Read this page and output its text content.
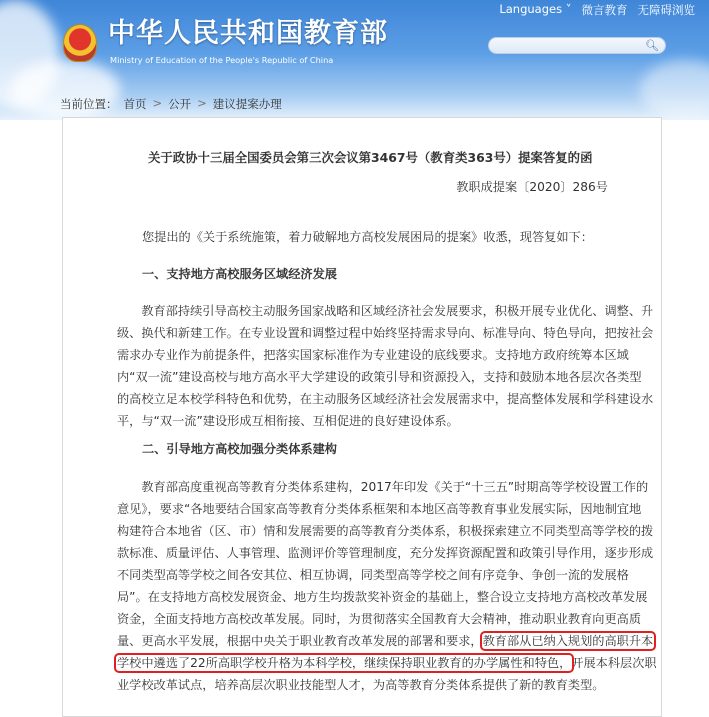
Languages ˅ 微言教育 无障碍浏览
中华人民共和国教育部
Ministry of Education of the People's Republic of China
🔍︎
当前位置： 首页 > 公开 > 建议提案办理
关于政协十三届全国委员会第三次会议第3467号（教育类363号）提案答复的函
教职成提案〔2020〕286号
您提出的《关于系统施策，着力破解地方高校发展困局的提案》收悉，现答复如下：
一、支持地方高校服务区域经济发展
　　教育部持续引导高校主动服务国家战略和区域经济社会发展要求，积极开展专业优化、调整、升
级、换代和新建工作。在专业设置和调整过程中始终坚持需求导向、标准导向、特色导向，把按社会
需求办专业作为前提条件，把落实国家标准作为专业建设的底线要求。支持地方政府统筹本区域
内“双一流”建设高校与地方高水平大学建设的政策引导和资源投入，支持和鼓励本地各层次各类型
的高校立足本校学科特色和优势，在主动服务区域经济社会发展需求中，提高整体发展和学科建设水
平，与“双一流”建设形成互相衔接、互相促进的良好建设体系。
二、引导地方高校加强分类体系建构
　　教育部高度重视高等教育分类体系建构，2017年印发《关于“十三五”时期高等学校设置工作的
意见》，要求“各地要结合国家高等教育分类体系框架和本地区高等教育事业发展实际，因地制宜地
构建符合本地省（区、市）情和发展需要的高等教育分类体系，积极探索建立不同类型高等学校的拨
款标准、质量评估、人事管理、监测评价等管理制度，充分发挥资源配置和政策引导作用，逐步形成
不同类型高等学校之间各安其位、相互协调，同类型高等学校之间有序竞争、争创一流的发展格
局”。在支持地方高校发展资金、地方生均拨款奖补资金的基础上，整合设立支持地方高校改革发展
资金，全面支持地方高校改革发展。同时，为贯彻落实全国教育大会精神，推动职业教育向更高质
量、更高水平发展，根据中央关于职业教育改革发展的部署和要求，教育部从已纳入规划的高职升本
学校中遴选了22所高职学校升格为本科学校，继续保持职业教育的办学属性和特色，开展本科层次职
业学校改革试点，培养高层次职业技能型人才，为高等教育分类体系提供了新的教育类型。
